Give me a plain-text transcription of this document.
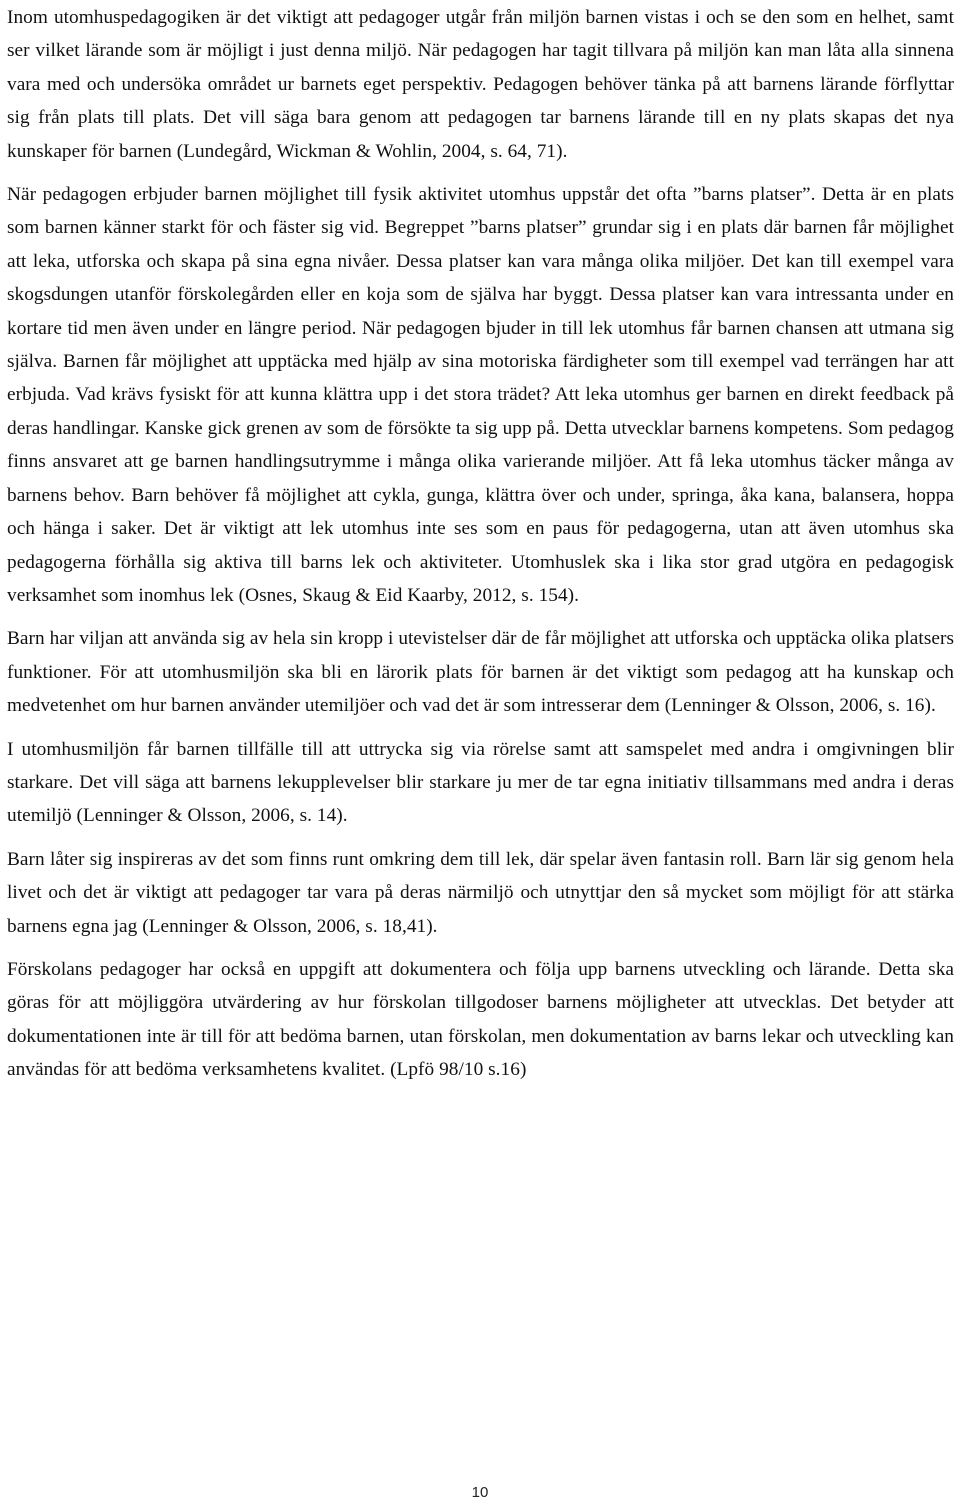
Inom utomhuspedagogiken är det viktigt att pedagoger utgår från miljön barnen vistas i och se den som en helhet, samt ser vilket lärande som är möjligt i just denna miljö. När pedagogen har tagit tillvara på miljön kan man låta alla sinnena vara med och undersöka området ur barnets eget perspektiv. Pedagogen behöver tänka på att barnens lärande förflyttar sig från plats till plats. Det vill säga bara genom att pedagogen tar barnens lärande till en ny plats skapas det nya kunskaper för barnen (Lundegård, Wickman & Wohlin, 2004, s. 64, 71).

När pedagogen erbjuder barnen möjlighet till fysik aktivitet utomhus uppstår det ofta ”barns platser”. Detta är en plats som barnen känner starkt för och fäster sig vid. Begreppet ”barns platser” grundar sig i en plats där barnen får möjlighet att leka, utforska och skapa på sina egna nivåer. Dessa platser kan vara många olika miljöer. Det kan till exempel vara skogsdungen utanför förskolegården eller en koja som de själva har byggt. Dessa platser kan vara intressanta under en kortare tid men även under en längre period. När pedagogen bjuder in till lek utomhus får barnen chansen att utmana sig själva. Barnen får möjlighet att upptäcka med hjälp av sina motoriska färdigheter som till exempel vad terrängen har att erbjuda. Vad krävs fysiskt för att kunna klättra upp i det stora trädet? Att leka utomhus ger barnen en direkt feedback på deras handlingar. Kanske gick grenen av som de försökte ta sig upp på. Detta utvecklar barnens kompetens. Som pedagog finns ansvaret att ge barnen handlingsutrymme i många olika varierande miljöer. Att få leka utomhus täcker många av barnens behov. Barn behöver få möjlighet att cykla, gunga, klättra över och under, springa, åka kana, balansera, hoppa och hänga i saker. Det är viktigt att lek utomhus inte ses som en paus för pedagogerna, utan att även utomhus ska pedagogerna förhålla sig aktiva till barns lek och aktiviteter. Utomhuslek ska i lika stor grad utgöra en pedagogisk verksamhet som inomhus lek (Osnes, Skaug & Eid Kaarby, 2012, s. 154).

Barn har viljan att använda sig av hela sin kropp i utevistelser där de får möjlighet att utforska och upptäcka olika platsers funktioner. För att utomhusmiljön ska bli en lärorik plats för barnen är det viktigt som pedagog att ha kunskap och medvetenhet om hur barnen använder utemiljöer och vad det är som intresserar dem (Lenninger & Olsson, 2006, s. 16).

I utomhusmiljön får barnen tillfälle till att uttrycka sig via rörelse samt att samspelet med andra i omgivningen blir starkare. Det vill säga att barnens lekupplevelser blir starkare ju mer de tar egna initiativ tillsammans med andra i deras utemiljö (Lenninger & Olsson, 2006, s. 14).

Barn låter sig inspireras av det som finns runt omkring dem till lek, där spelar även fantasin roll. Barn lär sig genom hela livet och det är viktigt att pedagoger tar vara på deras närmiljö och utnyttjar den så mycket som möjligt för att stärka barnens egna jag (Lenninger & Olsson, 2006, s. 18,41).

Förskolans pedagoger har också en uppgift att dokumentera och följa upp barnens utveckling och lärande. Detta ska göras för att möjliggöra utvärdering av hur förskolan tillgodoser barnens möjligheter att utvecklas. Det betyder att dokumentationen inte är till för att bedöma barnen, utan förskolan, men dokumentation av barns lekar och utveckling kan användas för att bedöma verksamhetens kvalitet. (Lpfö 98/10 s.16)

10
